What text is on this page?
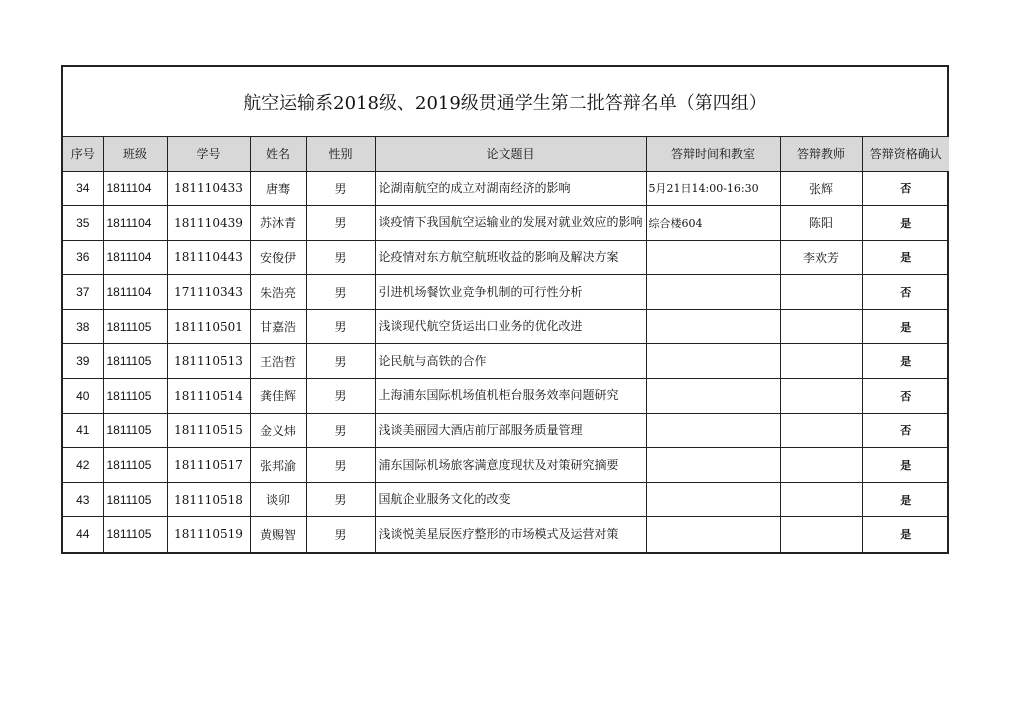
航空运输系2018级、2019级贯通学生第二批答辩名单（第四组）
序号	班级	学号	姓名	性别	论文题目	答辩时间和教室	答辩教师	答辩资格确认
34	1811104	181110433	唐骞	男	论湖南航空的成立对湖南经济的影响	5月21日14:00-16:30	张辉	否
35	1811104	181110439	苏沐青	男	谈疫情下我国航空运输业的发展对就业效应的影响	综合楼604	陈阳	是
36	1811104	181110443	安俊伊	男	论疫情对东方航空航班收益的影响及解决方案		李欢芳	是
37	1811104	171110343	朱浩亮	男	引进机场餐饮业竞争机制的可行性分析			否
38	1811105	181110501	甘嘉浩	男	浅谈现代航空货运出口业务的优化改进			是
39	1811105	181110513	王浩哲	男	论民航与高铁的合作			是
40	1811105	181110514	龚佳辉	男	上海浦东国际机场值机柜台服务效率问题研究			否
41	1811105	181110515	金义炜	男	浅谈美丽园大酒店前厅部服务质量管理			否
42	1811105	181110517	张邦渝	男	浦东国际机场旅客满意度现状及对策研究摘要			是
43	1811105	181110518	谈卯	男	国航企业服务文化的改变			是
44	1811105	181110519	黄赐智	男	浅谈悦美星辰医疗整形的市场模式及运营对策			是
